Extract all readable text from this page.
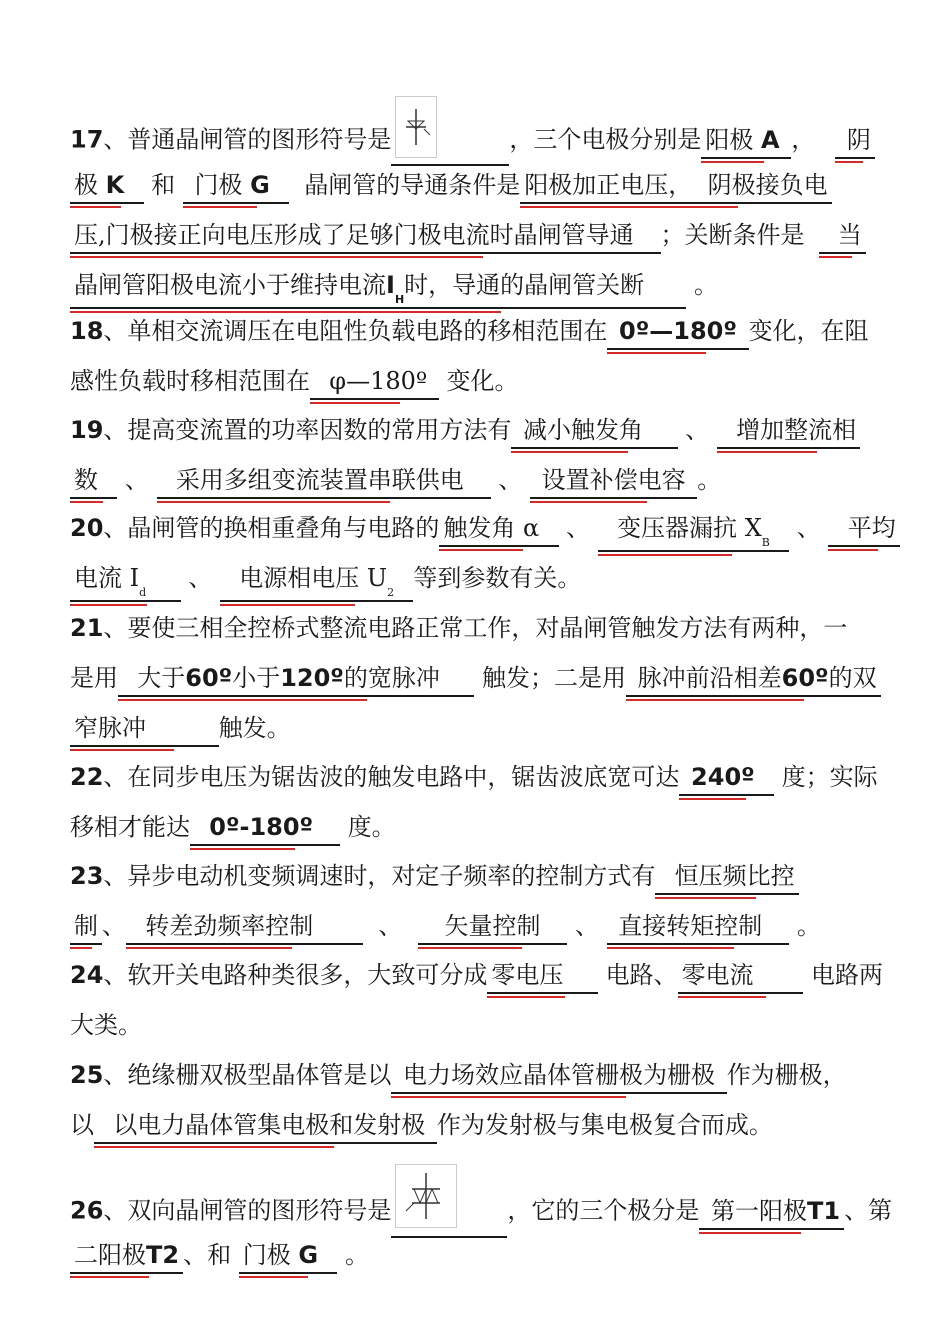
17、普通晶闸管的图形符号是	，三个电极分别是 阳极 A ， 阴
极 K 和 门极 G 晶闸管的导通条件是 阳极加正电压， 阴极接负电
压,门极接正向电压形成了足够门极电流时晶闸管导通 ；关断条件是 当
晶闸管阳极电流小于维持电流$I_H$时，导通的晶闸管关断 。
18、单相交流调压在电阻性负载电路的移相范围在 0º—180º 变化，在阻
感性负载时移相范围在 φ—180º 变化。
19、提高变流置的功率因数的常用方法有 减小触发角 、 增加整流相
数 、 采用多组变流装置串联供电 、 设置补偿电容 。
20、晶闸管的换相重叠角与电路的 触发角 α 、 变压器漏抗 $X_B$   、 平均
电流 $I_d$     、 电源相电压 $U_2$  等到参数有关。
21、要使三相全控桥式整流电路正常工作，对晶闸管触发方法有两种，一
是用 大于60º小于120º的宽脉冲 触发；二是用 脉冲前沿相差60º的双
窄脉冲	触发。
22、在同步电压为锯齿波的触发电路中，锯齿波底宽可达 240º 度；实际
移相才能达 0º-180º 度。
23、异步电动机变频调速时，对定子频率的控制方式有 恒压频比控
制 、 转差劲频率控制	、 矢量控制 、 直接转矩控制 。
24、软开关电路种类很多，大致可分成 零电压 电路、 零电流 电路两
大类。
25、绝缘栅双极型晶体管是以 电力场效应晶体管栅极为栅极 作为栅极，
以 以电力晶体管集电极和发射极 作为发射极与集电极复合而成。
26、双向晶闸管的图形符号是	，它的三个极分是 第一阳极T1 、第
二阳极T2 、和 门极 G 。
